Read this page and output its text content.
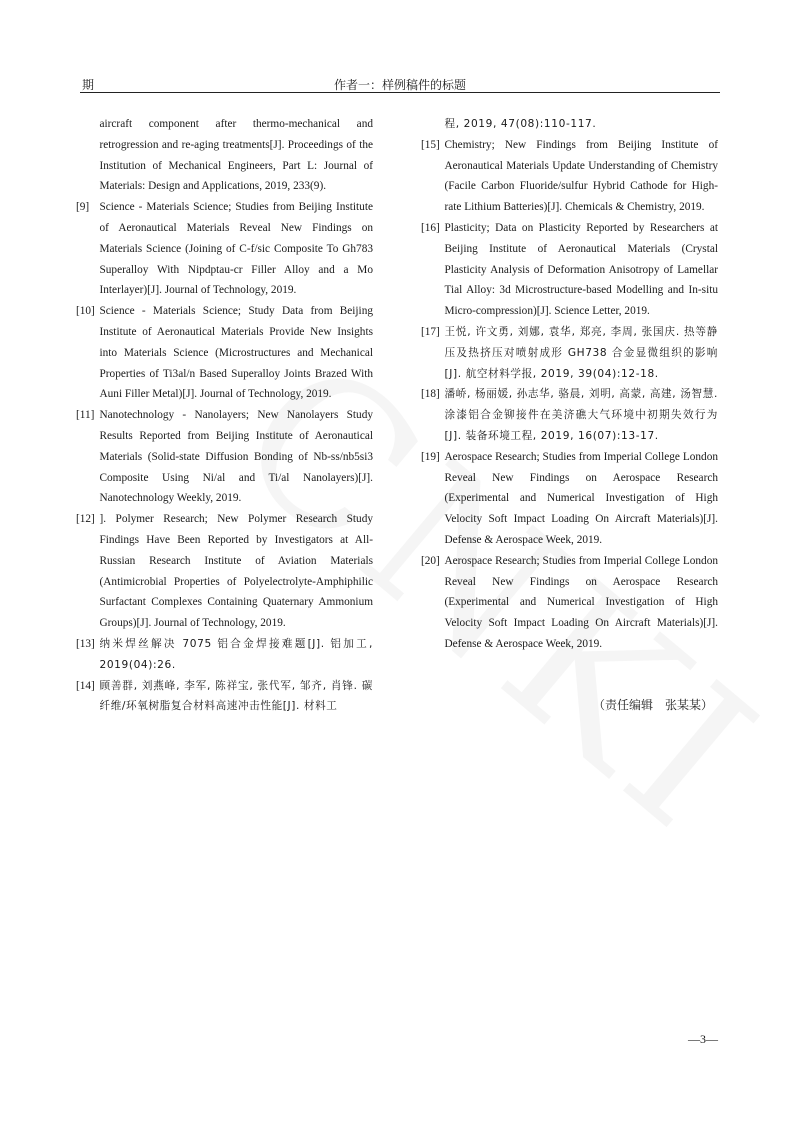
期	作者一：样例稿件的标题
aircraft component after thermo-mechanical and retrogression and re-aging treatments[J]. Proceedings of the Institution of Mechanical Engineers, Part L: Journal of Materials: Design and Applications, 2019, 233(9).
[9] Science - Materials Science; Studies from Beijing Institute of Aeronautical Materials Reveal New Findings on Materials Science (Joining of C-f/sic Composite To Gh783 Superalloy With Nipdptau-cr Filler Alloy and a Mo Interlayer)[J]. Journal of Technology, 2019.
[10] Science - Materials Science; Study Data from Beijing Institute of Aeronautical Materials Provide New Insights into Materials Science (Microstructures and Mechanical Properties of Ti3al/n Based Superalloy Joints Brazed With Auni Filler Metal)[J]. Journal of Technology, 2019.
[11] Nanotechnology - Nanolayers; New Nanolayers Study Results Reported from Beijing Institute of Aeronautical Materials (Solid-state Diffusion Bonding of Nb-ss/nb5si3 Composite Using Ni/al and Ti/al Nanolayers)[J]. Nanotechnology Weekly, 2019.
[12] ]. Polymer Research; New Polymer Research Study Findings Have Been Reported by Investigators at All-Russian Research Institute of Aviation Materials (Antimicrobial Properties of Polyelectrolyte-Amphiphilic Surfactant Complexes Containing Quaternary Ammonium Groups)[J]. Journal of Technology, 2019.
[13] 纳米焊丝解决 7075 铝合金焊接难题[J]. 铝加工, 2019(04):26.
[14] 顾善群, 刘燕峰, 李军, 陈祥宝, 张代军, 邹齐, 肖锋. 碳纤维/环氧树脂复合材料高速冲击性能[J]. 材料工
程, 2019, 47(08):110-117.
[15] Chemistry; New Findings from Beijing Institute of Aeronautical Materials Update Understanding of Chemistry (Facile Carbon Fluoride/sulfur Hybrid Cathode for High-rate Lithium Batteries)[J]. Chemicals & Chemistry, 2019.
[16] Plasticity; Data on Plasticity Reported by Researchers at Beijing Institute of Aeronautical Materials (Crystal Plasticity Analysis of Deformation Anisotropy of Lamellar Tial Alloy: 3d Microstructure-based Modelling and In-situ Micro-compression)[J]. Science Letter, 2019.
[17] 王悦, 许文勇, 刘娜, 袁华, 郑亮, 李周, 张国庆. 热等静压及热挤压对喷射成形 GH738 合金显微组织的影响[J]. 航空材料学报, 2019, 39(04):12-18.
[18] 潘峤, 杨丽媛, 孙志华, 骆晨, 刘明, 高蒙, 高建, 汤智慧. 涂漆铝合金铆接件在美济礁大气环境中初期失效行为[J]. 装备环境工程, 2019, 16(07):13-17.
[19] Aerospace Research; Studies from Imperial College London Reveal New Findings on Aerospace Research (Experimental and Numerical Investigation of High Velocity Soft Impact Loading On Aircraft Materials)[J]. Defense & Aerospace Week, 2019.
[20] Aerospace Research; Studies from Imperial College London Reveal New Findings on Aerospace Research (Experimental and Numerical Investigation of High Velocity Soft Impact Loading On Aircraft Materials)[J]. Defense & Aerospace Week, 2019.
（责任编辑　张某某）
—3—
